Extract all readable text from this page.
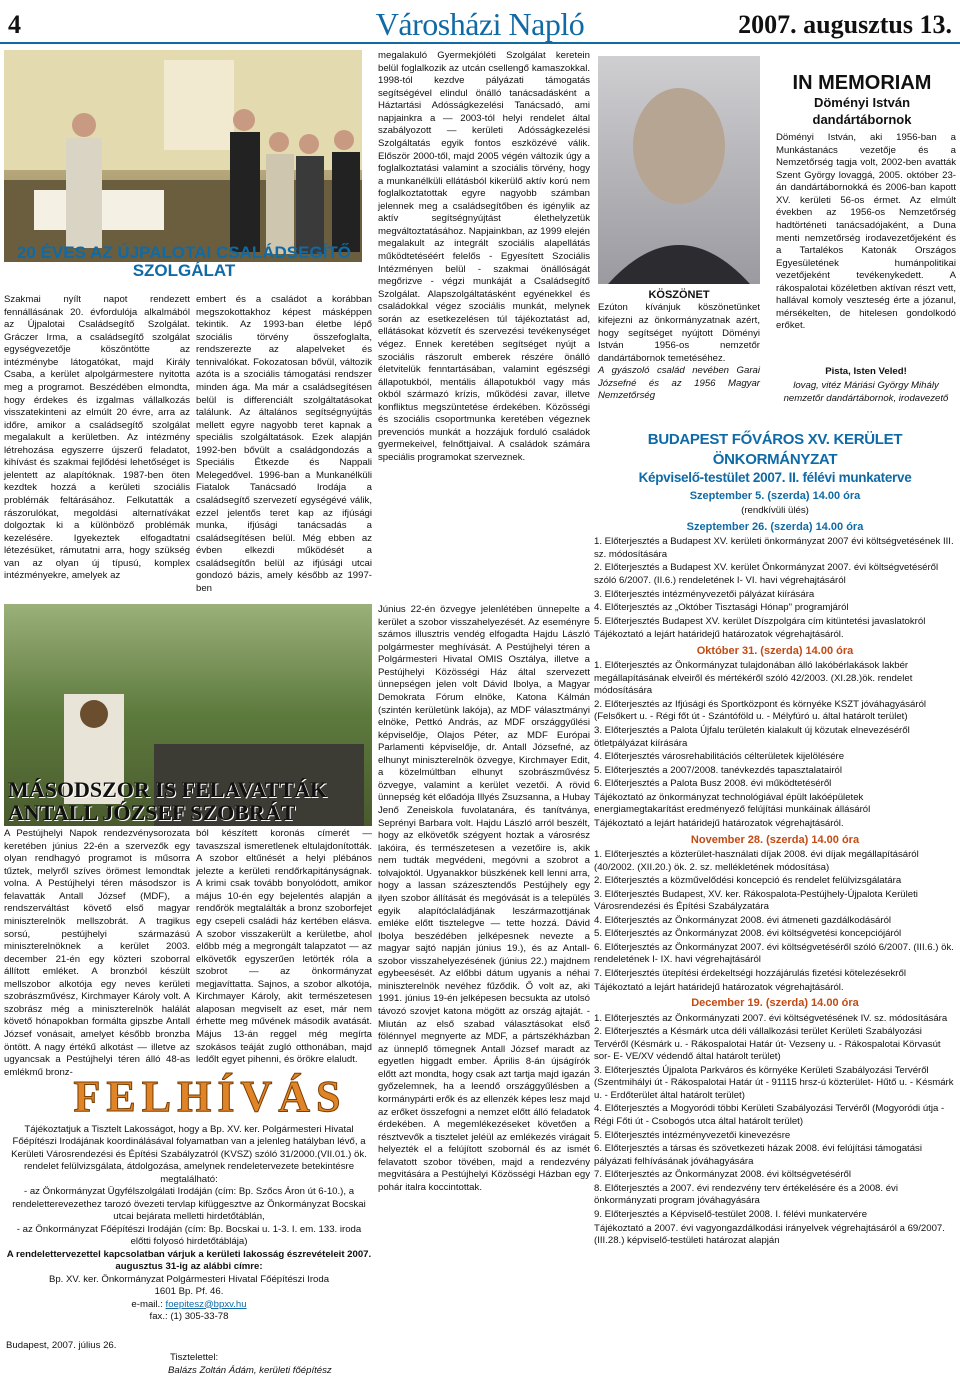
4	Városházi Napló	2007. augusztus 13.
20 ÉVES AZ ÚJPALOTAI CSALÁDSEGÍTŐ SZOLGÁLAT
Szakmai nyílt napot rendezett fennállásának 20. évfordulója alkalmából az Újpalotai Családsegítő Szolgálat. Gráczer Irma, a családsegítő szolgálat egységvezetője köszöntötte az intézménybe látogatókat, majd Király Csaba, a kerület alpolgármestere nyitotta meg a programot. Beszédében elmondta, hogy érdekes és izgalmas vállalkozás visszatekinteni az elmúlt 20 évre, arra az időre, amikor a családsegítő szolgálat megalakult a kerületben. Az intézmény létrehozása egyszerre újszerű feladatot, kihívást és szakmai fejlődési lehetőséget is jelentett az alapítóknak. 1987-ben öten kezdtek hozzá a kerületi szociális problémák feltárásához. Felkutatták a rászorulókat, megoldási alternatívákat dolgoztak ki a különböző problémák kezelésére. Igyekeztek elfogadtatni létezésüket, rámutatni arra, hogy szükség van az olyan új típusú, komplex intézményekre, amelyek az
embert és a családot a korábban megszokottakhoz képest másképpen tekintik. Az 1993-ban életbe lépő szociális törvény összefoglalta, rendszerezte az alapelveket és tennivalókat. Fokozatosan bővül, változik azóta is a szociális támogatási rendszer minden ága. Ma már a családsegítésen belül is differenciált szolgáltatásokat találunk. Az általános segítségnyújtás mellett egyre nagyobb teret kapnak a speciális szolgáltatások. Ezek alapján 1992-ben bővült a családgondozás a Speciális Étkezde és Nappali Melegedővel. 1996-ban a Munkanélküli Fiatalok Tanácsadó Irodája a családsegítő szervezetí egységévé válik, ezzel jelentős teret kap az ifjúsági munka, ifjúsági tanácsadás a családsegítésen belül. Még ebben az évben elkezdi működését a családsegítőn belül az ifjúsági utcai gondozó bázis, amely később az 1997-ben
megalakuló Gyermekjóléti Szolgálat keretein belül foglalkozik az utcán csellengő kamaszokkal. 1998-tól kezdve pályázati támogatás segítségével elindul önálló tanácsadásként a Háztartási Adósságkezelési Tanácsadó, ami napjainkra a — 2003-tól helyi rendelet által szabályozott — kerületi Adósságkezelési Szolgáltatás egyik fontos eszközévé válik. Először 2000-től, majd 2005 végén változik úgy a foglalkoztatási valamint a szociális törvény, hogy a munkanélküli ellátásból kikerülő aktív korú nem foglalkoztatottak egyre nagyobb számban jelennek meg a családsegítőben és igénylik az aktív segítségnyújtást élethelyzetük megváltoztatásához. Napjainkban, az 1999 elején megalakult az integrált szociális alapellátás működtetéséért felelős - Egyesített Szociális Intézményen belül - szakmai önállóságát megőrizve - végzi munkáját a Családsegítő Szolgálat. Alapszolgáltatásként egyénekkel és családokkal végez szociális munkát, melynek során az esetkezelésen túl tájékoztatást ad, ellátásokat közvetít és szervezési tevékenységet végez. Ennek keretében segítséget nyújt a szociális rászorult emberek részére önálló életvitelük fenntartásában, valamint egészségi állapotukból, mentális állapotukból vagy más okból származó krízis, működési zavar, illetve konfliktus megszüntetése érdekében. Közösségi és szociális csoportmunka keretében végeznek prevenciós munkát a hozzájuk forduló családok gyermekeivel, felnőttjaival. A családok számára speciális programokat szerveznek.
MÁSODSZOR IS FELAVATTÁK ANTALL JÓZSEF SZOBRÁT
A Pestújhelyi Napok rendezvénysorozata keretében június 22-én a szervezők egy olyan rendhagyó programot is műsorra tűztek, melyről szíves örömest lemondtak volna. A Pestújhelyi téren másodszor is felavatták Antall József (MDF), a rendszerváltást követő első magyar miniszterelnök mellszobrát. A tragikus sorsú, pestújhelyi származású miniszterelnöknek a kerület 2003. december 21-én egy közteri szoborral állított emléket. A bronzból készült mellszobor alkotója egy neves kerületi szobrászművész, Kirchmayer Károly volt. A szobrász még a miniszterelnök halálát követő hónapokban formálta gipszbe Antall József vonásait, amelyet később bronzba öntött. A nagy értékű alkotást — illetve az ugyancsak a Pestújhelyi téren álló 48-as emlékmű bronz-
ból készített koronás címerét — tavaszszal ismeretlenek eltulajdonították. A szobor eltűnését a helyi plébános jelezte a kerületi rendőrkapitányságnak. A krimi csak tovább bonyolódott, amikor május 10-én egy bejelentés alapján a rendőrök megtalálták a bronz szoborfejet egy csepeli családi ház kertében elásva. A szobor visszakerült a kerületbe, ahol előbb még a megrongált talapzatot — az elkövetők egyszerűen letörték róla a szobrot — az önkormányzat megjavíttatta. Sajnos, a szobor alkotója, Kirchmayer Károly, akit természetesen alaposan megviselt az eset, már nem érhette meg művének második avatását. Május 13-án reggel még megírta szokásos teáját zugló otthonában, majd ledőlt egyet pihenni, és örökre elaludt.
Június 22-én özvegye jelenlétében ünnepelte a kerület a szobor visszahelyezését. Az eseményre számos illusztris vendég elfogadta Hajdu László polgármester meghívását. A Pestújhelyi téren a Polgármesteri Hivatal OMIS Osztálya, illetve a Pestújhelyi Közösségi Ház által szervezett ünnepségen jelen volt Dávid Ibolya, a Magyar Demokrata Fórum elnöke, Katona Kálmán (szintén kerületünk lakója), az MDF választmányi elnöke, Pettkó András, az MDF országgyűlési képviselője, Olajos Péter, az MDF Európai Parlamenti képviselője, dr. Antall Józsefné, az elhunyt miniszterelnök özvegye, Kirchmayer Edit, a közelmúltban elhunyt szobrászművész özvegye, valamint a kerület vezetői. A rövid ünnepség két előadója Illyés Zsuzsanna, a Hubay Jenő Zeneiskola fuvolatanára, és tanítványa, Seprényi Barbara volt. Hajdu László arról beszélt, hogy az elkövetők szégyent hoztak a városrész lakóira, és természetesen a vezetőire is, akik nem tudták megvédeni, megóvni a szobrot a tolvajoktól. Ugyanakkor büszkének kell lenni arra, hogy a lassan százesztendős Pestújhely egy ilyen szobor állítását és megóvását is a település egyik alapítóclaládjának leszármazottjának emléke előtt tisztelegve — tette hozzá. Dávid Ibolya beszédében jelképesnek nevezte a magyar sajtó napján június 19.), és az Antall-szobor visszahelyezésének (június 22.) majdnem egybeesését. Az előbbi dátum ugyanis a néhai miniszterelnök nevéhez fűződik. Ő volt az, aki 1991. június 19-én jelképesen becsukta az utolsó távozó szovjet katona mögött az ország ajtaját. - Miután az első szabad választásokat első fölénnyel megnyerte az MDF, a pártszékházban az ünneplő tömegnek Antall József maradt az egyetlen higgadt ember. Április 8-án újságírók előtt azt mondta, hogy csak azt tartja majd igazán győzelemnek, ha a leendő országgyűlésben a kormánypárti erők és az ellenzék képes lesz majd az erőket összefogni a nemzet előtt álló feladatok érdekében. A megemlékezéseket követően a résztvevők a tisztelet jeléül az emlékezés virágait helyezték el a felújított szobornál és az ismét felavatott szobor tövében, majd a rendezvény megvitására a Pestújhelyi Közösségi Házban egy pohár italra koccintottak.
FELHÍVÁS
Tájékoztatjuk a Tisztelt Lakosságot, hogy a Bp. XV. ker. Polgármesteri Hivatal Főépítészi Irodájának koordinálásával folyamatban van a jelenleg hatályban lévő, a Kerületi Városrendezési és Építési Szabályzatról (KVSZ) szóló 31/2000.(VII.01.) ök. rendelet felülvizsgálata, átdolgozása, amelynek rendeletervezete betekintésre megtalálható:
- az Önkormányzat Ügyfélszolgálati Irodáján (cím: Bp. Szőcs Áron út 6-10.), a rendeletterevezethez tarozó övezeti tervlap kifüggesztve az Önkormányzat Bocskai utcai bejárata melletti hirdetőtáblán,
- az Önkormányzat Főépítészi Irodáján (cím: Bp. Bocskai u. 1-3. I. em. 133. iroda előtti folyosó hirdetőtáblája)
A rendelettervezettel kapcsolatban várjuk a kerületi lakosság észrevételeit 2007. augusztus 31-ig az alábbi címre:
Bp. XV. ker. Önkormányzat Polgármesteri Hivatal Főépítészi Iroda
1601 Bp. Pf. 46.
e-mail.: foepitesz@bpxv.hu
fax.: (1) 305-33-78
Budapest, 2007. július 26.
Tisztelettel:
Balázs Zoltán Ádám, kerületi főépítész
KÖSZÖNET
Ezúton kívánjuk köszönetünket kifejezni az önkormányzatnak azért, hogy segítséget nyújtott Döményi István 1956-os nemzetőr dandártábornok temetéséhez.
A gyászoló család nevében Garai Józsefné és az 1956 Magyar Nemzetőrség
IN MEMORIAM
Döményi István dandártábornok
Döményi István, aki 1956-ban a Munkástanács vezetője és a Nemzetőrség tagja volt, 2002-ben avatták Szent György lovaggá, 2005. október 23-án dandártábornokká és 2006-ban kapott XV. kerületi 56-os érmet. Az elmúlt években az 1956-os Nemzetőrség hadtörténeti tanácsadójaként, a Duna menti nemzetőrség irodavezetőjeként és a Tartalékos Katonák Országos Egyesületének humánpolitikai vezetőjeként tevékenykedett. A rákospalotai közéletben aktívan részt vett, hallával komoly veszteség érte a józanul, mérsékelten, de hitelesen gondolkodó erőket.
Pista, Isten Veled!
lovag, vitéz Máriási György Mihály nemzetőr dandártábornok, irodavezető
BUDAPEST FŐVÁROS XV. KERÜLET ÖNKORMÁNYZAT
Képviselő-testület 2007. II. félévi munkaterve
Szeptember 5. (szerda) 14.00 óra
(rendkívüli ülés)
Szeptember 26. (szerda) 14.00 óra
1. Előterjesztés a Budapest XV. kerületi önkormányzat 2007 évi költségvetésének III. sz. módosítására
2. Előterjesztés a Budapest XV. kerület Önkormányzat 2007. évi költségvetéséről szóló 6/2007. (II.6.) rendeletének I- VI. havi végrehajtásáról
3. Előterjesztés intézményvezetői pályázat kiírására
4. Előterjesztés az „Október Tisztasági Hónap" programjáról
5. Előterjesztés Budapest XV. kerület Díszpolgára cím kitüntetési javaslatokról
Tájékoztató a lejárt határidejű határozatok végrehajtásáról.
Október 31. (szerda) 14.00 óra
1. Előterjesztés az Önkormányzat tulajdonában álló lakóbérlakások lakbér megállapításának elveiről és mértékéről szóló 42/2003. (XI.28.)ök. rendelet módosítására
2. Előterjesztés az Ifjúsági és Sportközpont és környéke KSZT jóváhagyásáról (Felsőkert u. - Régi főt út - Szántóföld u. - Mélyfúró u. által határolt terület)
3. Előterjesztés a Palota Újfalu területén kialakult új közutak elnevezéséről ötletpályázat kiírására
4. Előterjesztés városrehabilitációs célterületek kijelölésére
5. Előterjesztés a 2007/2008. tanévkezdés tapasztalatairól
6. Előterjesztés a Palota Busz 2008. évi működtetéséről
Tájékoztató az önkormányzat technológiával épült lakóépületek energiamegtakarítást eredményező felújítási munkáinak állásáról
Tájékoztató a lejárt határidejű határozatok végrehajtásáról.
November 28. (szerda) 14.00 óra
1. Előterjesztés a közterület-használati díjak 2008. évi díjak megállapításáról (40/2002. (XII.20.) ök. 2. sz. mellékletének módosítása)
2. Előterjesztés a közművelődési koncepció és rendelet felülvizsgálatára
3. Előterjesztés Budapest, XV. ker. Rákospalota-Pestújhely-Újpalota Kerületi Városrendezési és Építési Szabályzatára
4. Előterjesztés az Önkormányzat 2008. évi átmeneti gazdálkodásáról
5. Előterjesztés az Önkormányzat 2008. évi költségvetési koncepciójáról
6. Előterjesztés az Önkormányzat 2007. évi költségvetéséről szóló 6/2007. (III.6.) ök. rendeletének I- IX. havi végrehajtásáról
7. Előterjesztés ütepítési érdekeltségi hozzájárulás fizetési kötelezésekről
Tájékoztató a lejárt határidejű határozatok végrehajtásáról.
December 19. (szerda) 14.00 óra
1. Előterjesztés az Önkormányzati 2007. évi költségvetésének IV. sz. módosítására
2. Előterjesztés a Késmárk utca déli vállalkozási terület Kerületi Szabályozási Tervéről (Késmárk u. - Rákospalotai Határ út- Vezseny u. - Rákospalotai Körvasút sor- E- VE/XV védendő által határolt terület)
3. Előterjesztés Újpalota Parkváros és környéke Kerületi Szabályozási Tervéről (Szentmihályi út - Rákospalotai Határ út - 91115 hrsz-ú közterület- Hűtő u. - Késmárk u. - Erdőterület által határolt terület)
4. Előterjesztés a Mogyoródi többi Kerületi Szabályozási Tervéről (Mogyoródi útja - Régi Főti út - Csobogós utca által határolt terület)
5. Előterjesztés intézményvezetői kinevezésre
6. Előterjesztés a társas és szövetkezeti házak 2008. évi felújítási támogatási pályázati felhívásának jóváhagyására
7. Előterjesztés az Önkormányzat 2008. évi költségvetéséről
8. Előterjesztés a 2007. évi rendezvény terv értékelésére és a 2008. évi önkormányzati program jóváhagyására
9. Előterjesztés a Képviselő-testület 2008. I. félévi munkatervére
Tájékoztató a 2007. évi vagyongazdálkodási irányelvek végrehajtásáról a 69/2007. (III.28.) képviselő-testületi határozat alapján
